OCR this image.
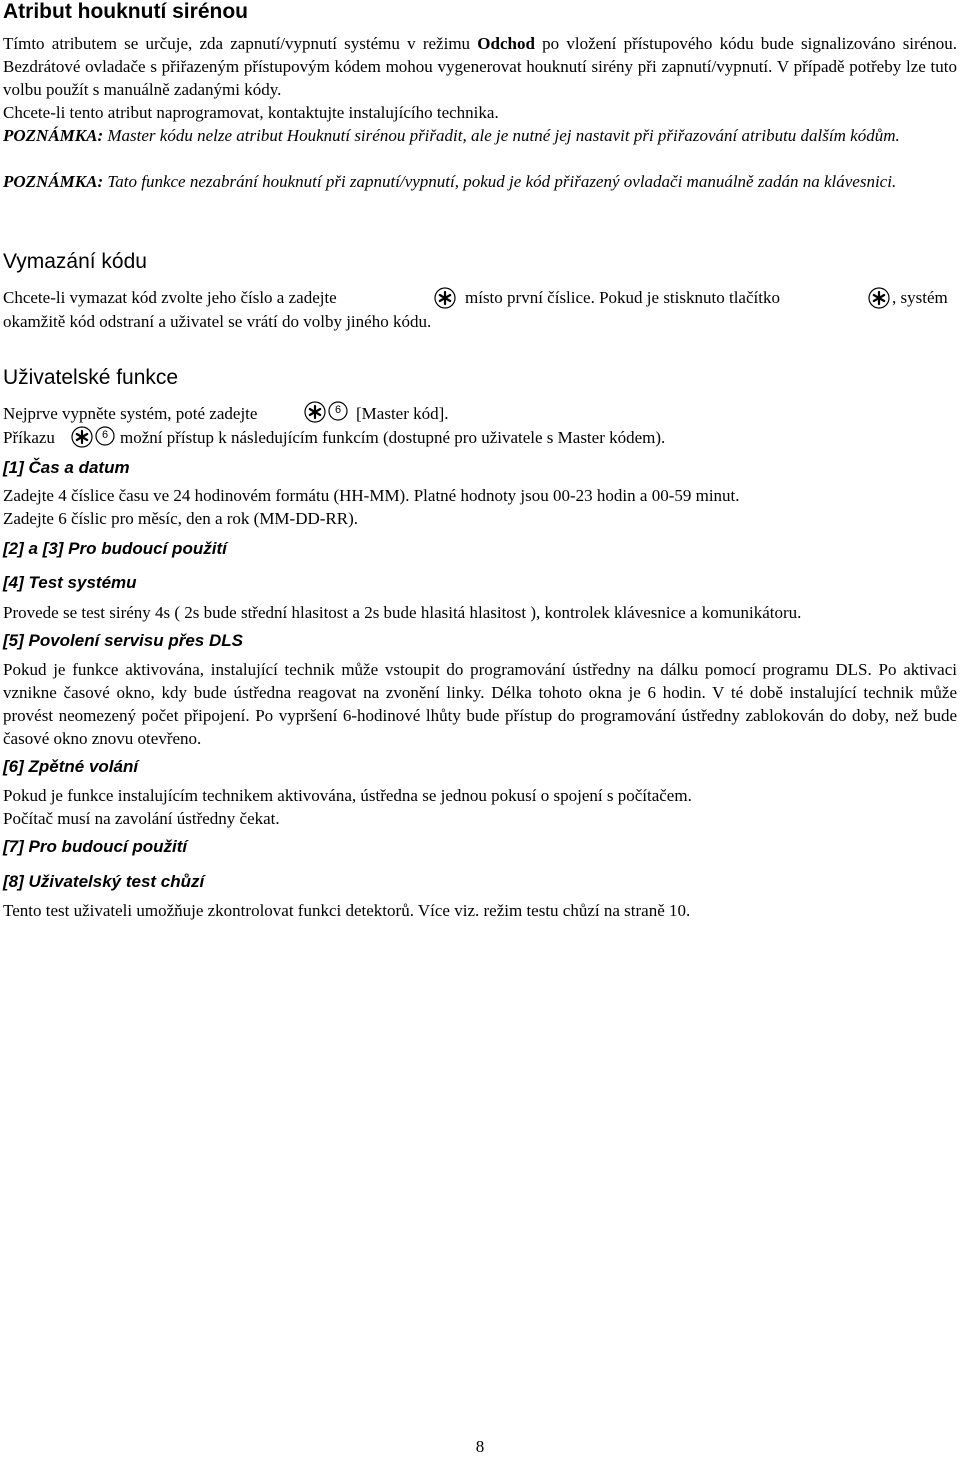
Atribut houknutí sirénou

Tímto atributem se určuje, zda zapnutí/vypnutí systému v režimu Odchod po vložení přístupového kódu bude signalizováno sirénou. Bezdrátové ovladače s přiřazeným přístupovým kódem mohou vygenerovat houknutí sirény při zapnutí/vypnutí. V případě potřeby lze tuto volbu použít s manuálně zadanými kódy.

Chcete-li tento atribut naprogramovat, kontaktujte instalujícího technika.

POZNÁMKA: Master kódu nelze atribut Houknutí sirénou přiřadit, ale je nutné jej nastavit při přiřazování atributu dalším kódům.

POZNÁMKA: Tato funkce nezabrání houknutí při zapnutí/vypnutí, pokud je kód přiřazený ovladači manuálně zadán na klávesnici.

Vymazání kódu
Chcete-li vymazat kód zvolte jeho číslo a zadejte	místo první číslice. Pokud je stisknuto tlačítko	, systém
okamžitě kód odstraní a uživatel se vrátí do volby jiného kódu.
Uživatelské funkce
Nejprve vypněte systém, poté zadejte	6 [Master kód].
Příkazu	6 možní přístup k následujícím funkcím (dostupné pro uživatele s Master kódem).
[1] Čas a datum
Zadejte 4 číslice času ve 24 hodinovém formátu (HH-MM). Platné hodnoty jsou 00-23 hodin a 00-59 minut.
Zadejte 6 číslic pro měsíc, den a rok (MM-DD-RR).
[2] a [3] Pro budoucí použití
[4] Test systému

Provede se test sirény 4s ( 2s bude střední hlasitost a 2s bude hlasitá hlasitost ), kontrolek klávesnice a komunikátoru.

[5] Povolení servisu přes DLS

Pokud je funkce aktivována, instalující technik může vstoupit do programování ústředny na dálku pomocí programu DLS. Po aktivaci vznikne časové okno, kdy bude ústředna reagovat na zvonění linky. Délka tohoto okna je 6 hodin. V té době instalující technik může provést neomezený počet připojení. Po vypršení 6-hodinové lhůty bude přístup do programování ústředny zablokován do doby, než bude časové okno znovu otevřeno.

[6] Zpětné volání
Pokud je funkce instalujícím technikem aktivována, ústředna se jednou pokusí o spojení s počítačem.
Počítač musí na zavolání ústředny čekat.
[7] Pro budoucí použití
[8] Uživatelský test chůzí

Tento test uživateli umožňuje zkontrolovat funkci detektorů. Více viz. režim testu chůzí na straně 10.

8
